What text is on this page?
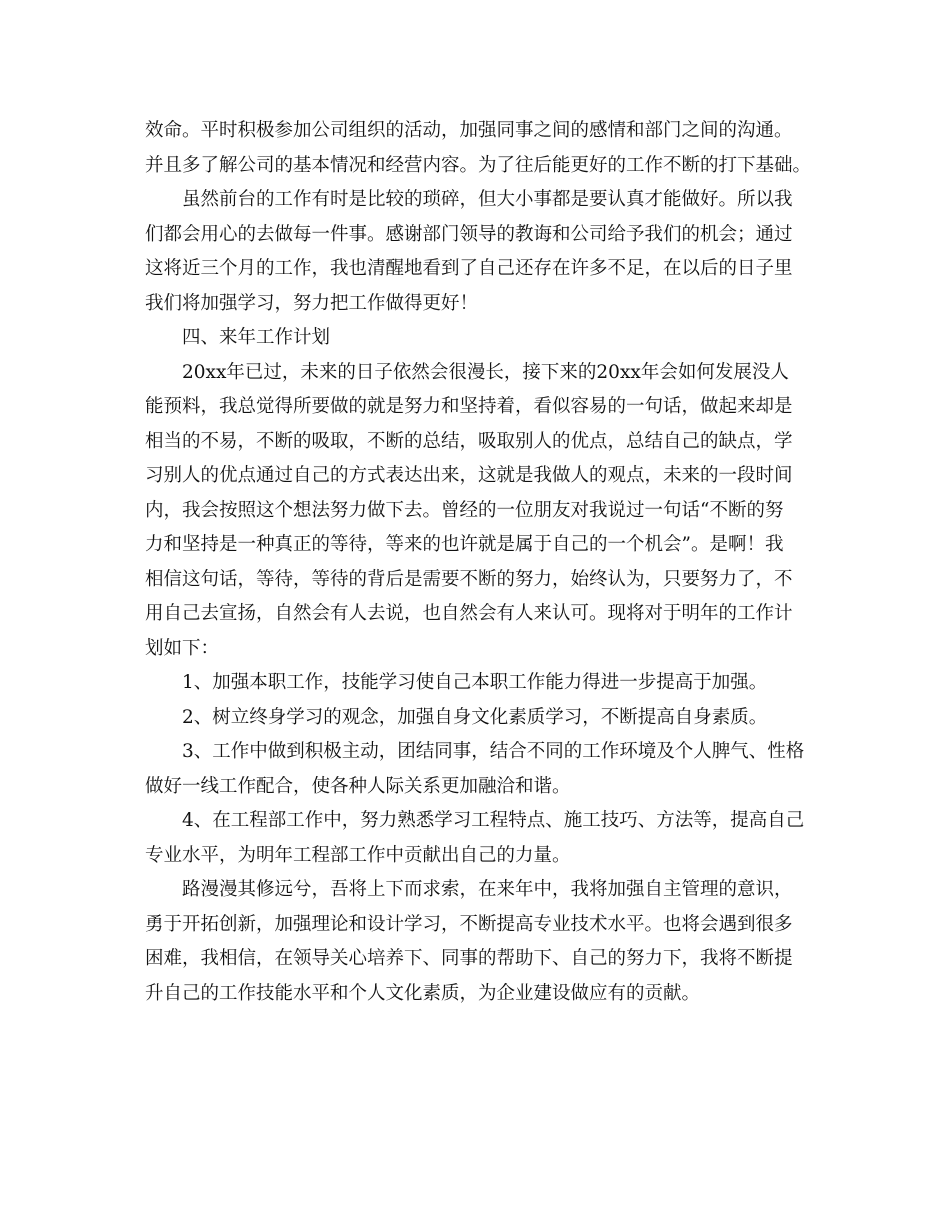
效命。平时积极参加公司组织的活动，加强同事之间的感情和部门之间的沟通。
并且多了解公司的基本情况和经营内容。为了往后能更好的工作不断的打下基础。
虽然前台的工作有时是比较的琐碎，但大小事都是要认真才能做好。所以我
们都会用心的去做每一件事。感谢部门领导的教诲和公司给予我们的机会；通过
这将近三个月的工作，我也清醒地看到了自己还存在许多不足，在以后的日子里
我们将加强学习，努力把工作做得更好！
四、来年工作计划
20xx年已过，未来的日子依然会很漫长，接下来的20xx年会如何发展没人
能预料，我总觉得所要做的就是努力和坚持着，看似容易的一句话，做起来却是
相当的不易，不断的吸取，不断的总结，吸取别人的优点，总结自己的缺点，学
习别人的优点通过自己的方式表达出来，这就是我做人的观点，未来的一段时间
内，我会按照这个想法努力做下去。曾经的一位朋友对我说过一句话“不断的努
力和坚持是一种真正的等待，等来的也许就是属于自己的一个机会”。是啊！我
相信这句话，等待，等待的背后是需要不断的努力，始终认为，只要努力了，不
用自己去宣扬，自然会有人去说，也自然会有人来认可。现将对于明年的工作计
划如下：
1、加强本职工作，技能学习使自己本职工作能力得进一步提高于加强。
2、树立终身学习的观念，加强自身文化素质学习，不断提高自身素质。
3、工作中做到积极主动，团结同事，结合不同的工作环境及个人脾气、性格
做好一线工作配合，使各种人际关系更加融洽和谐。
4、在工程部工作中，努力熟悉学习工程特点、施工技巧、方法等，提高自己
专业水平，为明年工程部工作中贡献出自己的力量。
路漫漫其修远兮，吾将上下而求索，在来年中，我将加强自主管理的意识，
勇于开拓创新，加强理论和设计学习，不断提高专业技术水平。也将会遇到很多
困难，我相信，在领导关心培养下、同事的帮助下、自己的努力下，我将不断提
升自己的工作技能水平和个人文化素质，为企业建设做应有的贡献。
